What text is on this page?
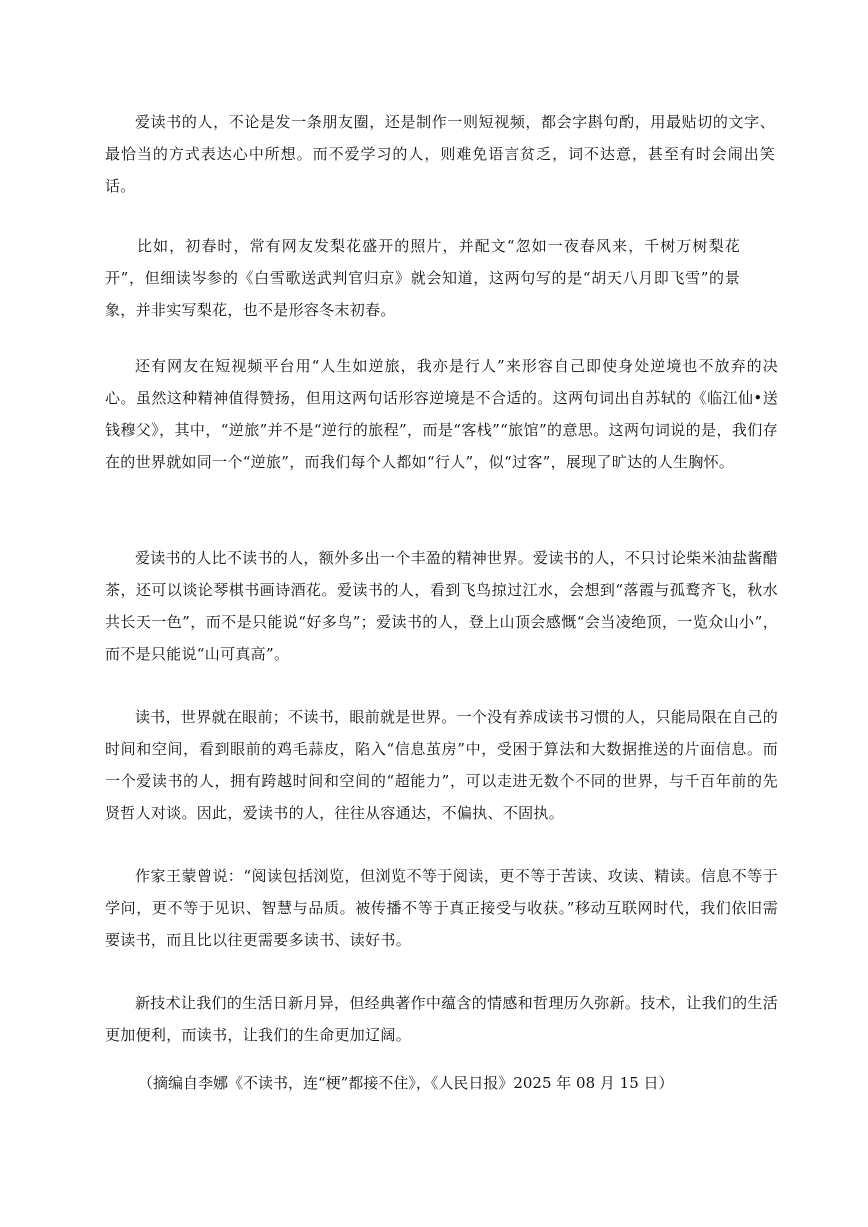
爱读书的人，不论是发一条朋友圈，还是制作一则短视频，都会字斟句酌，用最贴切的文字、最恰当的方式表达心中所想。而不爱学习的人，则难免语言贫乏，词不达意，甚至有时会闹出笑话。

比如，初春时，常有网友发梨花盛开的照片，并配文“忽如一夜春风来，千树万树梨花开”，但细读岑参的《白雪歌送武判官归京》就会知道，这两句写的是“胡天八月即飞雪”的景象，并非实写梨花，也不是形容冬末初春。

还有网友在短视频平台用“人生如逆旅，我亦是行人”来形容自己即使身处逆境也不放弃的决心。虽然这种精神值得赞扬，但用这两句话形容逆境是不合适的。这两句词出自苏轼的《临江仙•送钱穆父》，其中，“逆旅”并不是“逆行的旅程”，而是“客栈”“旅馆”的意思。这两句词说的是，我们存在的世界就如同一个“逆旅”，而我们每个人都如“行人”，似“过客”，展现了旷达的人生胸怀。

爱读书的人比不读书的人，额外多出一个丰盈的精神世界。爱读书的人，不只讨论柴米油盐酱醋茶，还可以谈论琴棋书画诗酒花。爱读书的人，看到飞鸟掠过江水，会想到“落霞与孤鹜齐飞，秋水共长天一色”，而不是只能说“好多鸟”；爱读书的人，登上山顶会感慨“会当凌绝顶，一览众山小”，而不是只能说“山可真高”。

读书，世界就在眼前；不读书，眼前就是世界。一个没有养成读书习惯的人，只能局限在自己的时间和空间，看到眼前的鸡毛蒜皮，陷入“信息茧房”中，受困于算法和大数据推送的片面信息。而一个爱读书的人，拥有跨越时间和空间的“超能力”，可以走进无数个不同的世界，与千百年前的先贤哲人对谈。因此，爱读书的人，往往从容通达，不偏执、不固执。

作家王蒙曾说：“阅读包括浏览，但浏览不等于阅读，更不等于苦读、攻读、精读。信息不等于学问，更不等于见识、智慧与品质。被传播不等于真正接受与收获。”移动互联网时代，我们依旧需要读书，而且比以往更需要多读书、读好书。

新技术让我们的生活日新月异，但经典著作中蕴含的情感和哲理历久弥新。技术，让我们的生活更加便利，而读书，让我们的生命更加辽阔。

（摘编自李娜《不读书，连“梗”都接不住》，《人民日报》2025 年 08 月 15 日）
